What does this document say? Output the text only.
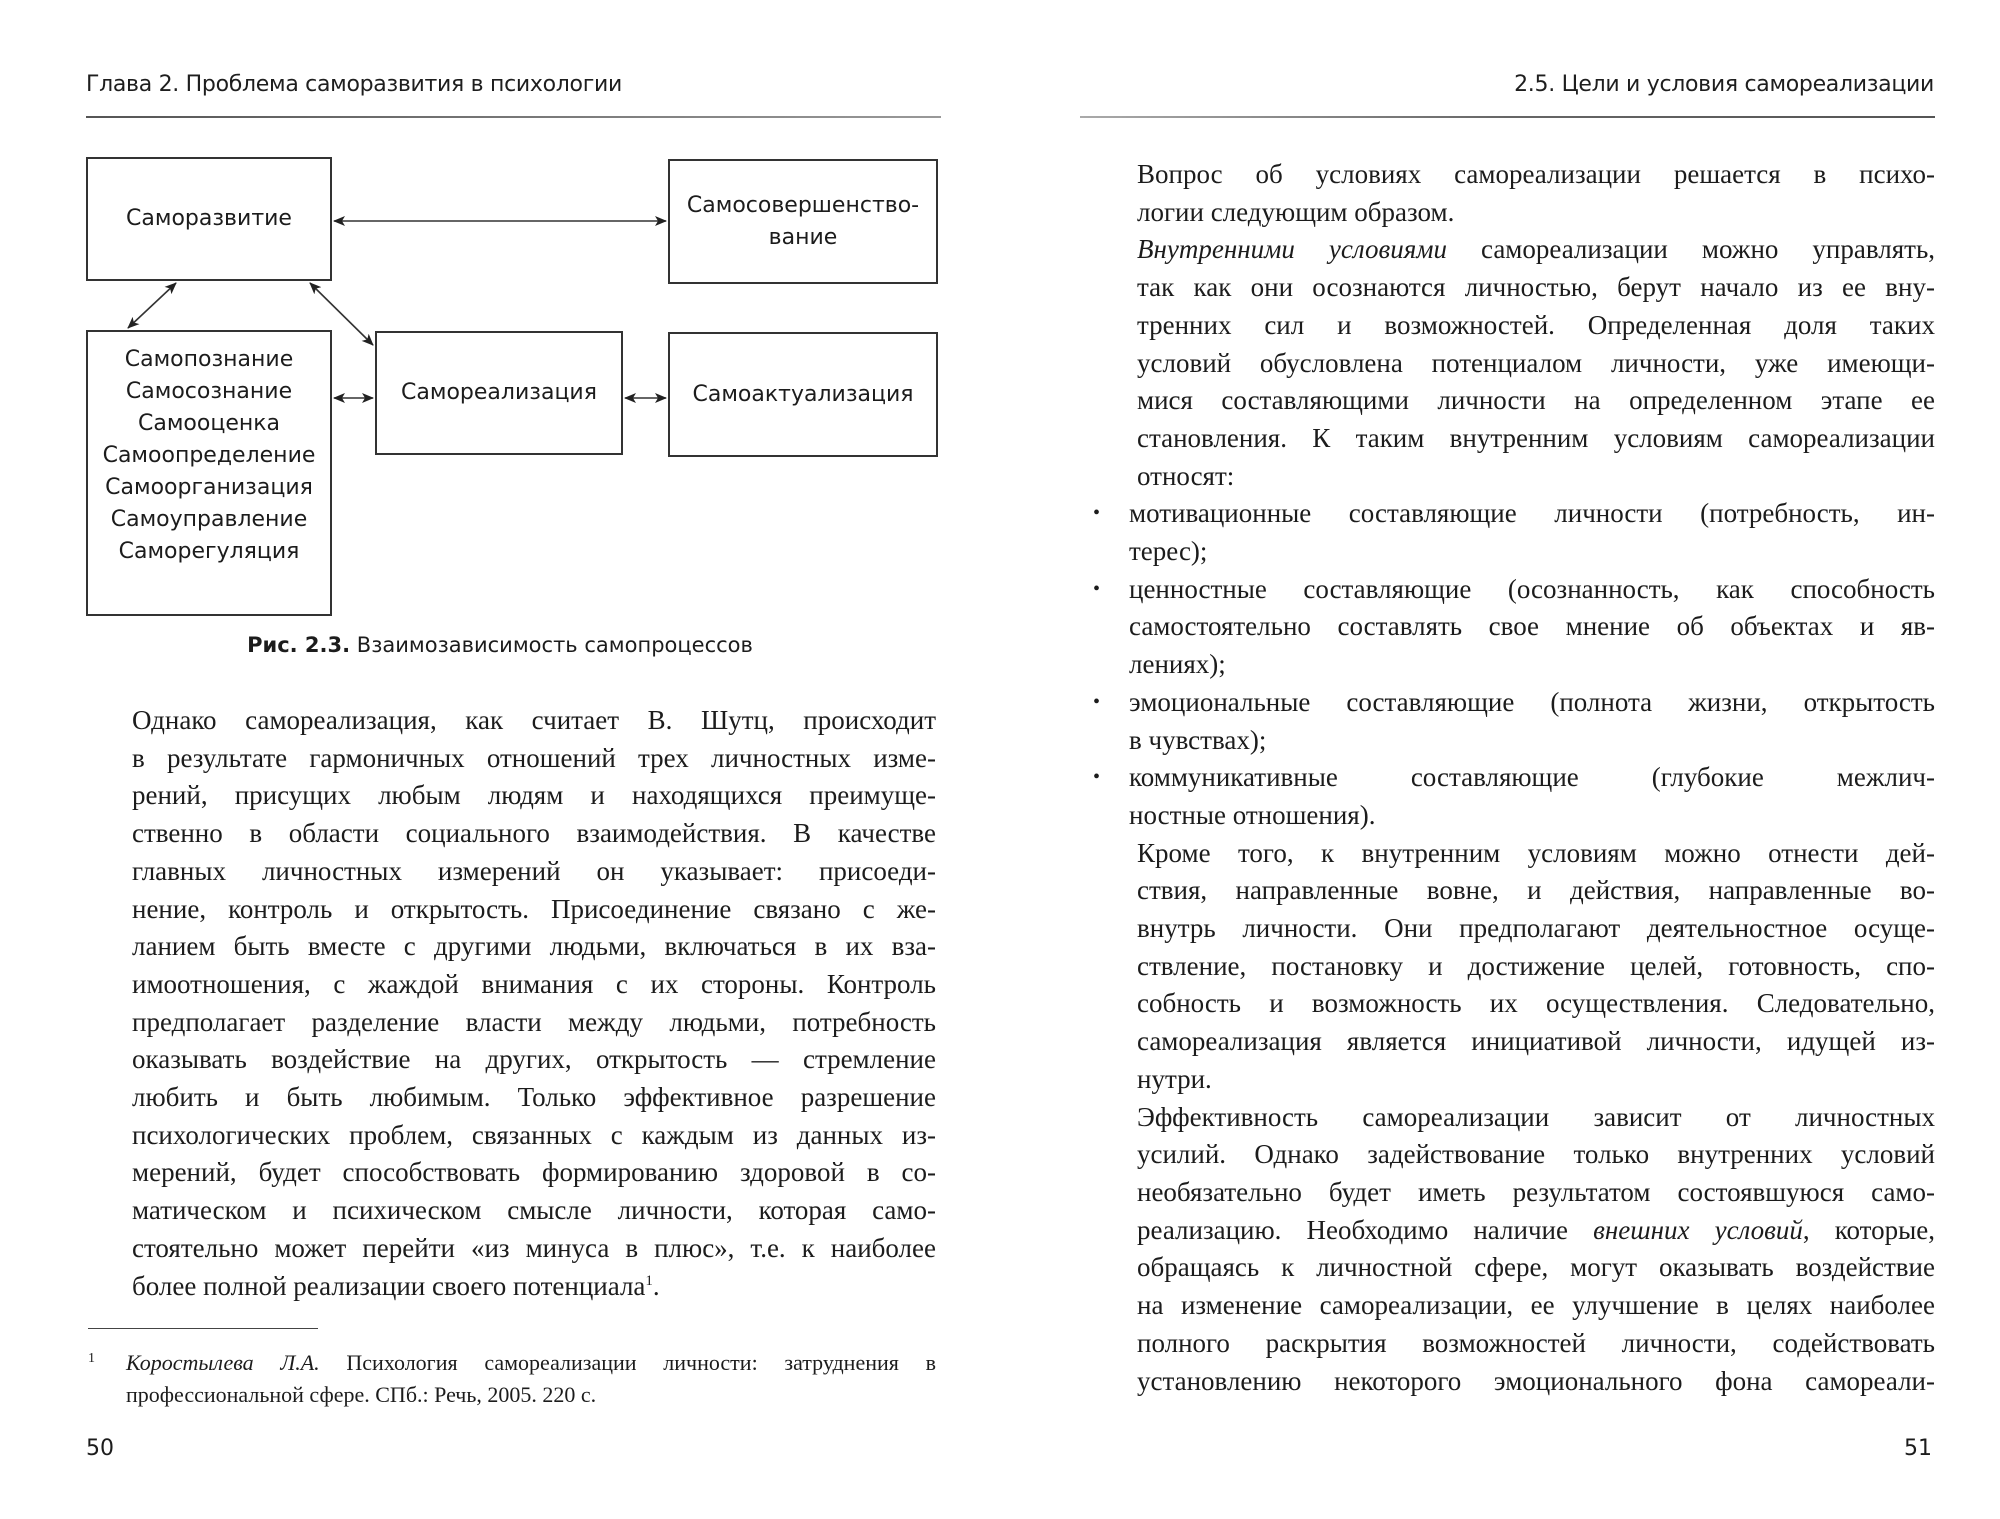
Глава 2. Проблема саморазвития в психологии
Саморазвитие
Самосовершенство-
вание
Самопознание
Самосознание
Самооценка
Самоопределение
Самоорганизация
Самоуправление
Саморегуляция
Самореализация	Самоактуализация
Рис. 2.3. Взаимозависимость самопроцессов
Однако самореализация, как считает В. Шутц, происходит
в результате гармоничных отношений трех личностных изме-
рений, присущих любым людям и находящихся преимуще-
ственно в области социального взаимодействия. В качестве
главных личностных измерений он указывает: присоеди-
нение, контроль и открытость. Присоединение связано с же-
ланием быть вместе с другими людьми, включаться в их вза-
имоотношения, с жаждой внимания с их стороны. Контроль
предполагает разделение власти между людьми, потребность
оказывать воздействие на других, открытость — стремление
любить и быть любимым. Только эффективное разрешение
психологических проблем, связанных с каждым из данных из-
мерений, будет способствовать формированию здоровой в со-
матическом и психическом смысле личности, которая само-
стоятельно может перейти «из минуса в плюс», т.е. к наиболее
более полной реализации своего потенциала$^1$.
1 Коростылева Л.А. Психология самореализации личности: затруднения в профессиональной сфере. СПб.: Речь, 2005. 220 с.
50
2.5. Цели и условия самореализации
Вопрос об условиях самореализации решается в психо-
логии следующим образом.
Внутренними условиями самореализации можно управлять,
так как они осознаются личностью, берут начало из ее вну-
тренних сил и возможностей. Определенная доля таких
условий обусловлена потенциалом личности, уже имеющи-
мися составляющими личности на определенном этапе ее
становления. К таким внутренним условиям самореализации
относят:
• мотивационные составляющие личности (потребность, ин-
терес);
• ценностные составляющие (осознанность, как способность
самостоятельно составлять свое мнение об объектах и яв-
лениях);
• эмоциональные составляющие (полнота жизни, открытость
в чувствах);
• коммуникативные составляющие (глубокие межлич-
ностные отношения).
Кроме того, к внутренним условиям можно отнести дей-
ствия, направленные вовне, и действия, направленные во-
внутрь личности. Они предполагают деятельностное осуще-
ствление, постановку и достижение целей, готовность, спо-
собность и возможность их осуществления. Следовательно,
самореализация является инициативой личности, идущей из-
нутри.
Эффективность самореализации зависит от личностных
усилий. Однако задействование только внутренних условий
необязательно будет иметь результатом состоявшуюся само-
реализацию. Необходимо наличие внешних условий, которые,
обращаясь к личностной сфере, могут оказывать воздействие
на изменение самореализации, ее улучшение в целях наиболее
полного раскрытия возможностей личности, содействовать
установлению некоторого эмоционального фона самореали-
51
